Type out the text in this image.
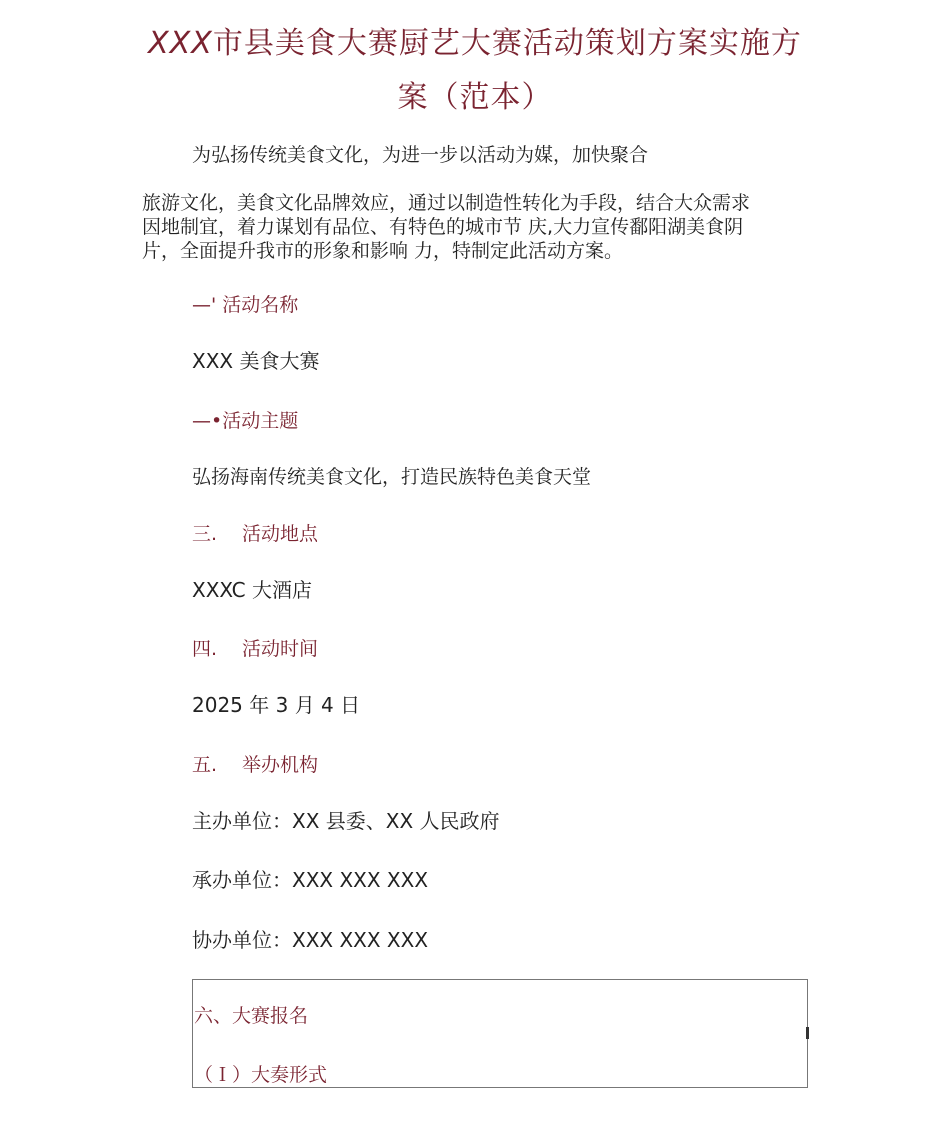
XXX市县美食大赛厨艺大赛活动策划方案实施方
案（范本）
为弘扬传统美食文化，为进一步以活动为媒，加快聚合
旅游文化，美食文化品牌效应，通过以制造性转化为手段，结合大众需求
因地制宜，着力谋划有品位、有特色的城市节 庆,大力宣传鄱阳湖美食阴
片，全面提升我市的形象和影响 力，特制定此活动方案。
—' 活动名称
XXX 美食大赛
—•活动主题
弘扬海南传统美食文化，打造民族特色美食天堂
三. 活动地点
XXXC 大酒店
四. 活动时间
2025 年 3 月 4 日
五. 举办机构
主办单位：XX 县委、XX 人民政府
承办单位：XXX XXX XXX
协办单位：XXX XXX XXX
六、大赛报名
（Ｉ）大奏形式
